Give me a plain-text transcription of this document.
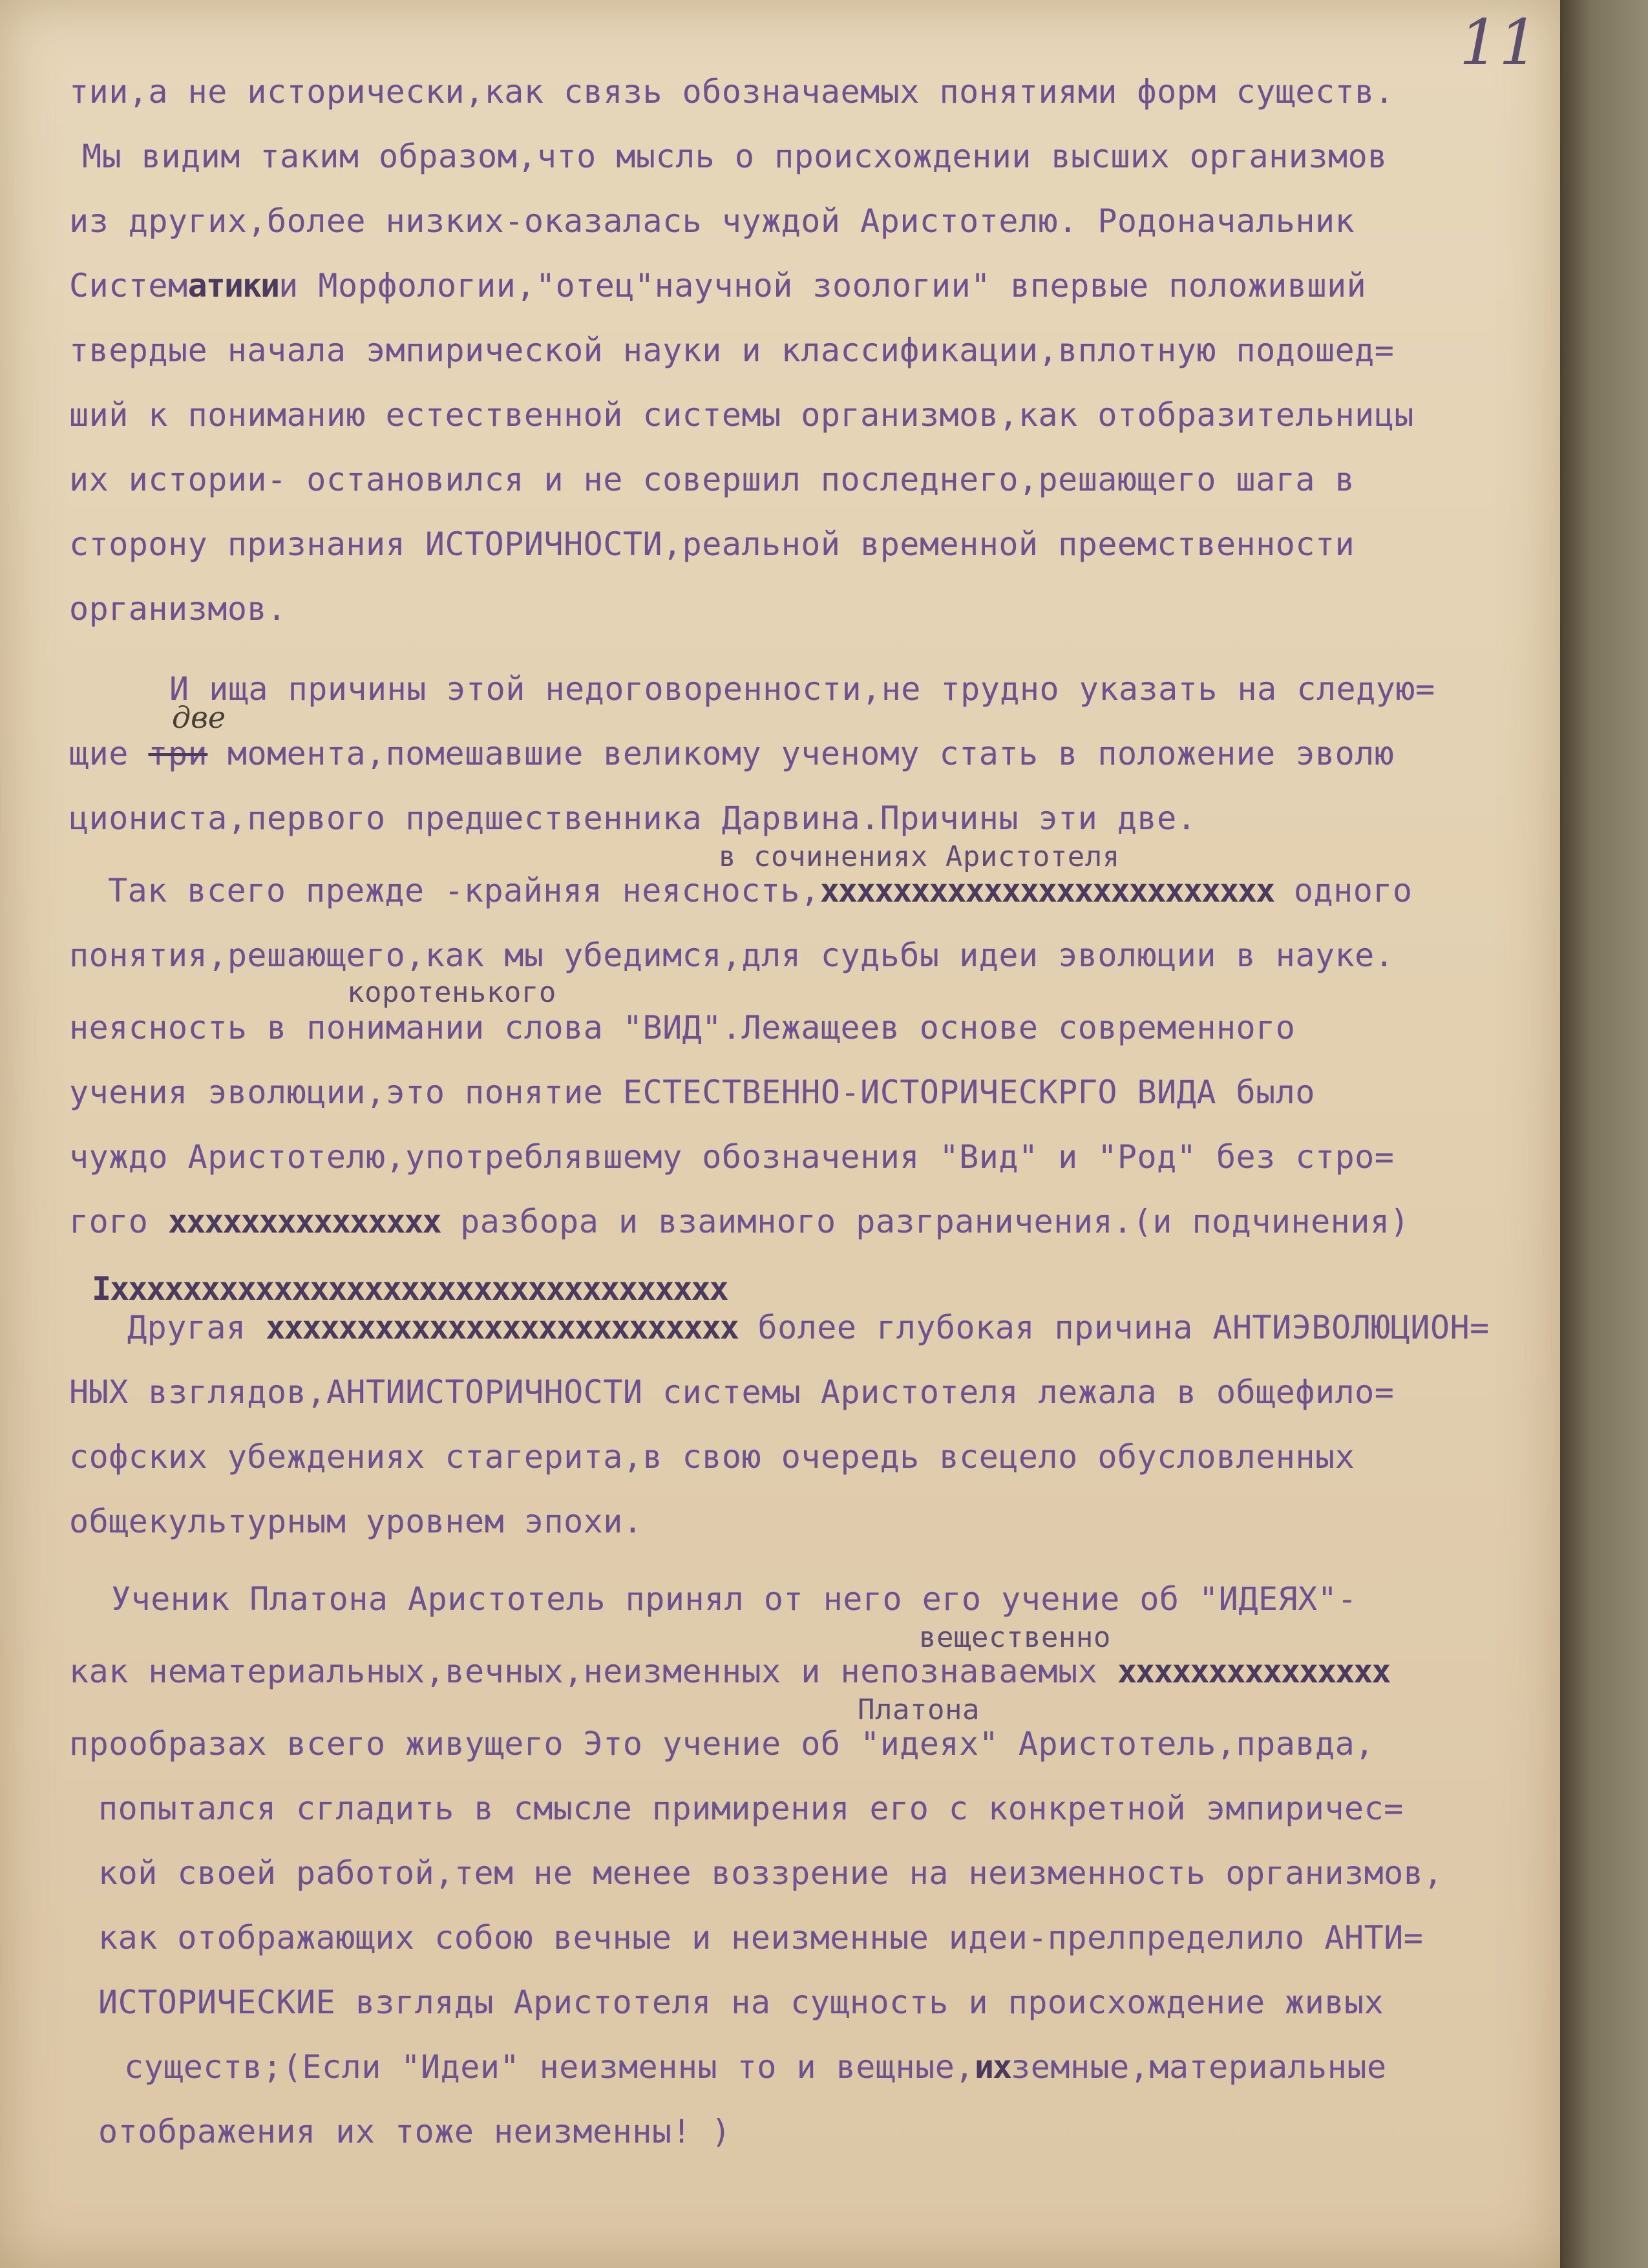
11

тии,а не исторически,как связь обозначаемых понятиями форм существ.

Мы видим таким образом,что мысль о происхождении высших организмов

из других,более низких-оказалась чуждой Аристотелю. Родоначальник

Систематикии Морфологии,"отец"научной зоологии" впервые положивший

твердые начала эмпирической науки и классификации,вплотную подошед=

ший к пониманию естественной системы организмов,как отобразительницы

их истории- остановился и не совершил последнего,решающего шага в

сторону признания ИСТОРИЧНОСТИ,реальной временной преемственности

организмов.

И ища причины этой недоговоренности,не трудно указать на следую=

две

щие три момента,помешавшие великому ученому стать в положение эволю

циониста,первого предшественника Дарвина.Причины эти две.

в сочинениях Аристотеля

Так всего прежде -крайняя неясность,xxxxxxxxxxxxxxxxxxxxxxxxx одного

понятия,решающего,как мы убедимся,для судьбы идеи эволюции в науке.

коротенького

неясность в понимании слова "ВИД".Лежащеев основе современного

учения эволюции,это понятие ЕСТЕСТВЕННО-ИСТОРИЧЕСКРГО ВИДА было

чуждо Аристотелю,употреблявшему обозначения "Вид" и "Род" без стро=

гого xxxxxxxxxxxxxxx разбора и взаимного разграничения.(и подчинения)

Ixxxxxxxxxxxxxxxxxxxxxxxxxxxxxxxxxx

Другая xxxxxxxxxxxxxxxxxxxxxxxxxx более глубокая причина АНТИЭВОЛЮЦИОН=

НЫХ взглядов,АНТИИСТОРИЧНОСТИ системы Аристотеля лежала в общефило=

софских убеждениях стагерита,в свою очередь всецело обусловленных

общекультурным уровнем эпохи.

Ученик Платона Аристотель принял от него его учение об "ИДЕЯХ"-

вещественно

как нематериальных,вечных,неизменных и непознаваемых xxxxxxxxxxxxxxx

Платона

прообразах всего живущего Это учение об "идеях" Аристотель,правда,

попытался сгладить в смысле примирения его с конкретной эмпиричес=

кой своей работой,тем не менее воззрение на неизменность организмов,

как отображающих собою вечные и неизменные идеи-прелпределило АНТИ=

ИСТОРИЧЕСКИЕ взгляды Аристотеля на сущность и происхождение живых

существ;(Если "Идеи" неизменны то и вещные,ихземные,материальные

отображения их тоже неизменны! )
